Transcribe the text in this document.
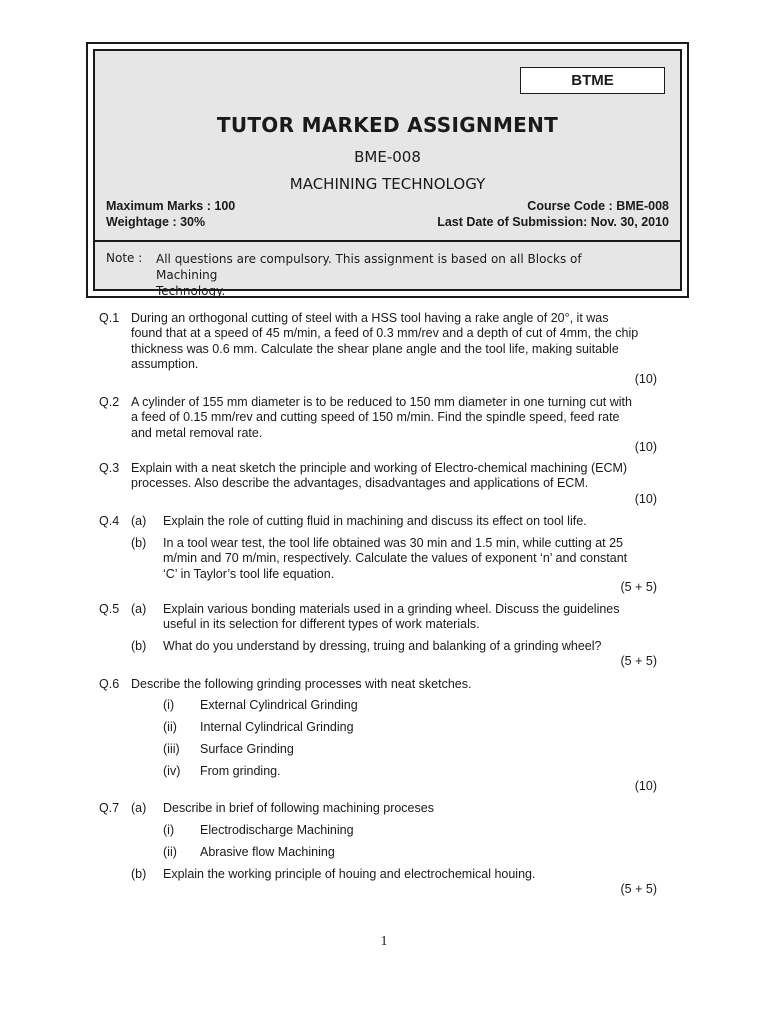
BTME
TUTOR MARKED ASSIGNMENT
BME-008
MACHINING TECHNOLOGY
Maximum Marks : 100	Course Code : BME-008
Weightage : 30%	Last Date of Submission: Nov. 30, 2010
Note : All questions are compulsory. This assignment is based on all Blocks of Machining
Technology.
Q.1 During an orthogonal cutting of steel with a HSS tool having a rake angle of 20°, it was
found that at a speed of 45 m/min, a feed of 0.3 mm/rev and a depth of cut of 4mm, the chip
thickness was 0.6 mm. Calculate the shear plane angle and the tool life, making suitable
assumption.
(10)
Q.2 A cylinder of 155 mm diameter is to be reduced to 150 mm diameter in one turning cut with
a feed of 0.15 mm/rev and cutting speed of 150 m/min. Find the spindle speed, feed rate
and metal removal rate.
(10)
Q.3 Explain with a neat sketch the principle and working of Electro-chemical machining (ECM)
processes. Also describe the advantages, disadvantages and applications of ECM.
(10)
Q.4 (a) Explain the role of cutting fluid in machining and discuss its effect on tool life.
(b) In a tool wear test, the tool life obtained was 30 min and 1.5 min, while cutting at 25
m/min and 70 m/min, respectively. Calculate the values of exponent ‘n’ and constant
‘C’ in Taylor’s tool life equation.
(5 + 5)
Q.5 (a) Explain various bonding materials used in a grinding wheel. Discuss the guidelines
useful in its selection for different types of work materials.
(b) What do you understand by dressing, truing and balanking of a grinding wheel?
(5 + 5)
Q.6 Describe the following grinding processes with neat sketches.
(i) External Cylindrical Grinding
(ii) Internal Cylindrical Grinding
(iii) Surface Grinding
(iv) From grinding.
(10)
Q.7 (a) Describe in brief of following machining proceses
(i) Electrodischarge Machining
(ii) Abrasive flow Machining
(b) Explain the working principle of houing and electrochemical houing.
(5 + 5)
1
